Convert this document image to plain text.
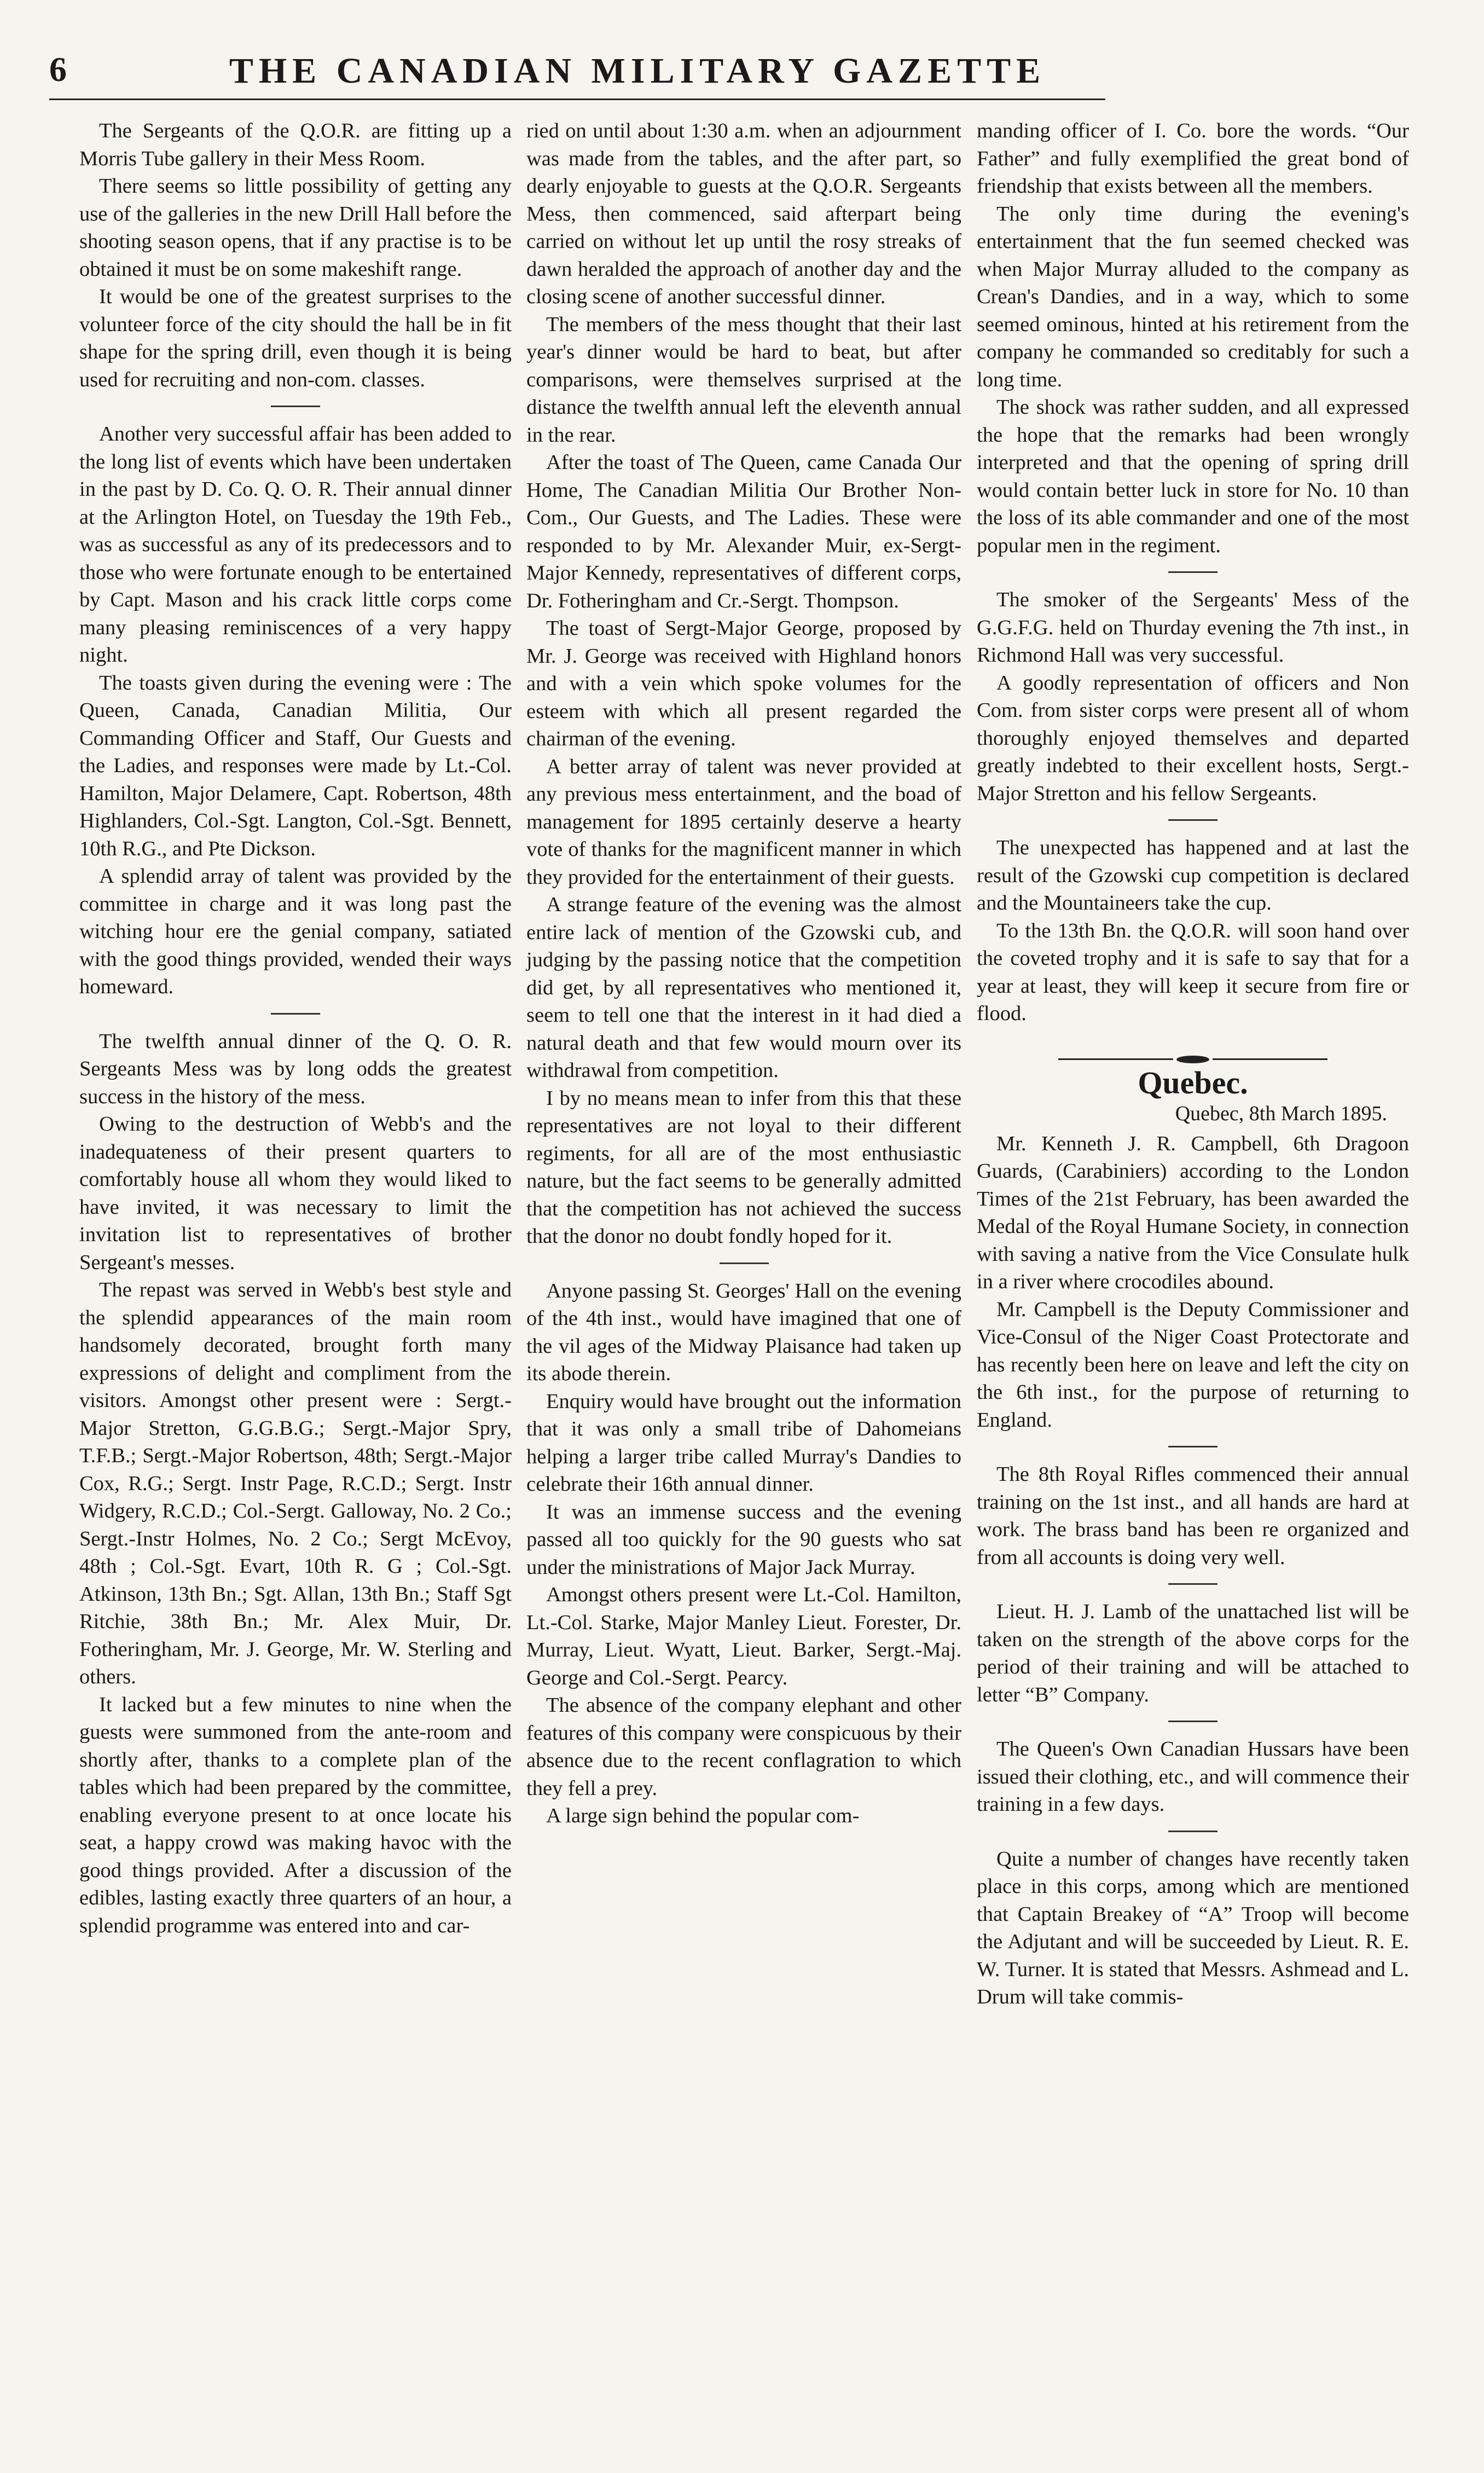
6	THE CANADIAN MILITARY GAZETTE

The Sergeants of the Q.O.R. are fitting up a Morris Tube gallery in their Mess Room.

There seems so little possibility of getting any use of the galleries in the new Drill Hall before the shooting season opens, that if any practise is to be obtained it must be on some makeshift range.

It would be one of the greatest surprises to the volunteer force of the city should the hall be in fit shape for the spring drill, even though it is being used for recruiting and non-com. classes.

Another very successful affair has been added to the long list of events which have been undertaken in the past by D. Co. Q. O. R. Their annual dinner at the Arlington Hotel, on Tuesday the 19th Feb., was as successful as any of its predecessors and to those who were fortunate enough to be entertained by Capt. Mason and his crack little corps come many pleasing reminiscences of a very happy night.

The toasts given during the evening were : The Queen, Canada, Canadian Militia, Our Commanding Officer and Staff, Our Guests and the Ladies, and responses were made by Lt.-Col. Hamilton, Major Delamere, Capt. Robertson, 48th Highlanders, Col.-Sgt. Langton, Col.-Sgt. Bennett, 10th R.G., and Pte Dickson.

A splendid array of talent was provided by the committee in charge and it was long past the witching hour ere the genial company, satiated with the good things provided, wended their ways homeward.

The twelfth annual dinner of the Q. O. R. Sergeants Mess was by long odds the greatest success in the history of the mess.

Owing to the destruction of Webb's and the inadequateness of their present quarters to comfortably house all whom they would liked to have invited, it was necessary to limit the invitation list to representatives of brother Sergeant's messes.

The repast was served in Webb's best style and the splendid appearances of the main room handsomely decorated, brought forth many expressions of delight and compliment from the visitors. Amongst other present were : Sergt.-Major Stretton, G.G.B.G.; Sergt.-Major Spry, T.F.B.; Sergt.-Major Robertson, 48th; Sergt.-Major Cox, R.G.; Sergt. Instr Page, R.C.D.; Sergt. Instr Widgery, R.C.D.; Col.-Sergt. Galloway, No. 2 Co.; Sergt.-Instr Holmes, No. 2 Co.; Sergt McEvoy, 48th ; Col.-Sgt. Evart, 10th R. G ; Col.-Sgt. Atkinson, 13th Bn.; Sgt. Allan, 13th Bn.; Staff Sgt Ritchie, 38th Bn.; Mr. Alex Muir, Dr. Fotheringham, Mr. J. George, Mr. W. Sterling and others.

It lacked but a few minutes to nine when the guests were summoned from the ante-room and shortly after, thanks to a complete plan of the tables which had been prepared by the committee, enabling everyone present to at once locate his seat, a happy crowd was making havoc with the good things provided. After a discussion of the edibles, lasting exactly three quarters of an hour, a splendid programme was entered into and car-

ried on until about 1:30 a.m. when an adjournment was made from the tables, and the after part, so dearly enjoyable to guests at the Q.O.R. Sergeants Mess, then commenced, said afterpart being carried on without let up until the rosy streaks of dawn heralded the approach of another day and the closing scene of another successful dinner.

The members of the mess thought that their last year's dinner would be hard to beat, but after comparisons, were themselves surprised at the distance the twelfth annual left the eleventh annual in the rear.

After the toast of The Queen, came Canada Our Home, The Canadian Militia Our Brother Non-Com., Our Guests, and The Ladies. These were responded to by Mr. Alexander Muir, ex-Sergt-Major Kennedy, representatives of different corps, Dr. Fotheringham and Cr.-Sergt. Thompson.

The toast of Sergt-Major George, proposed by Mr. J. George was received with Highland honors and with a vein which spoke volumes for the esteem with which all present regarded the chairman of the evening.

A better array of talent was never provided at any previous mess entertainment, and the boad of management for 1895 certainly deserve a hearty vote of thanks for the magnificent manner in which they provided for the entertainment of their guests.

A strange feature of the evening was the almost entire lack of mention of the Gzowski cub, and judging by the passing notice that the competition did get, by all representatives who mentioned it, seem to tell one that the interest in it had died a natural death and that few would mourn over its withdrawal from competition.

I by no means mean to infer from this that these representatives are not loyal to their different regiments, for all are of the most enthusiastic nature, but the fact seems to be generally admitted that the competition has not achieved the success that the donor no doubt fondly hoped for it.

Anyone passing St. Georges' Hall on the evening of the 4th inst., would have imagined that one of the vil ages of the Midway Plaisance had taken up its abode therein.

Enquiry would have brought out the information that it was only a small tribe of Dahomeians helping a larger tribe called Murray's Dandies to celebrate their 16th annual dinner.

It was an immense success and the evening passed all too quickly for the 90 guests who sat under the ministrations of Major Jack Murray.

Amongst others present were Lt.-Col. Hamilton, Lt.-Col. Starke, Major Manley Lieut. Forester, Dr. Murray, Lieut. Wyatt, Lieut. Barker, Sergt.-Maj. George and Col.-Sergt. Pearcy.

The absence of the company elephant and other features of this company were conspicuous by their absence due to the recent conflagration to which they fell a prey.

A large sign behind the popular com-

manding officer of I. Co. bore the words. “Our Father” and fully exemplified the great bond of friendship that exists between all the members.

The only time during the evening's entertainment that the fun seemed checked was when Major Murray alluded to the company as Crean's Dandies, and in a way, which to some seemed ominous, hinted at his retirement from the company he commanded so creditably for such a long time.

The shock was rather sudden, and all expressed the hope that the remarks had been wrongly interpreted and that the opening of spring drill would contain better luck in store for No. 10 than the loss of its able commander and one of the most popular men in the regiment.

The smoker of the Sergeants' Mess of the G.G.F.G. held on Thurday evening the 7th inst., in Richmond Hall was very successful.

A goodly representation of officers and Non Com. from sister corps were present all of whom thoroughly enjoyed themselves and departed greatly indebted to their excellent hosts, Sergt.-Major Stretton and his fellow Sergeants.

The unexpected has happened and at last the result of the Gzowski cup competition is declared and the Mountaineers take the cup.

To the 13th Bn. the Q.O.R. will soon hand over the coveted trophy and it is safe to say that for a year at least, they will keep it secure from fire or flood.

Quebec.
Quebec, 8th March 1895.

Mr. Kenneth J. R. Campbell, 6th Dragoon Guards, (Carabiniers) according to the London Times of the 21st February, has been awarded the Medal of the Royal Humane Society, in connection with saving a native from the Vice Consulate hulk in a river where crocodiles abound.

Mr. Campbell is the Deputy Commissioner and Vice-Consul of the Niger Coast Protectorate and has recently been here on leave and left the city on the 6th inst., for the purpose of returning to England.

The 8th Royal Rifles commenced their annual training on the 1st inst., and all hands are hard at work. The brass band has been re organized and from all accounts is doing very well.

Lieut. H. J. Lamb of the unattached list will be taken on the strength of the above corps for the period of their training and will be attached to letter “B” Company.

The Queen's Own Canadian Hussars have been issued their clothing, etc., and will commence their training in a few days.

Quite a number of changes have recently taken place in this corps, among which are mentioned that Captain Breakey of “A” Troop will become the Adjutant and will be succeeded by Lieut. R. E. W. Turner. It is stated that Messrs. Ashmead and L. Drum will take commis-
